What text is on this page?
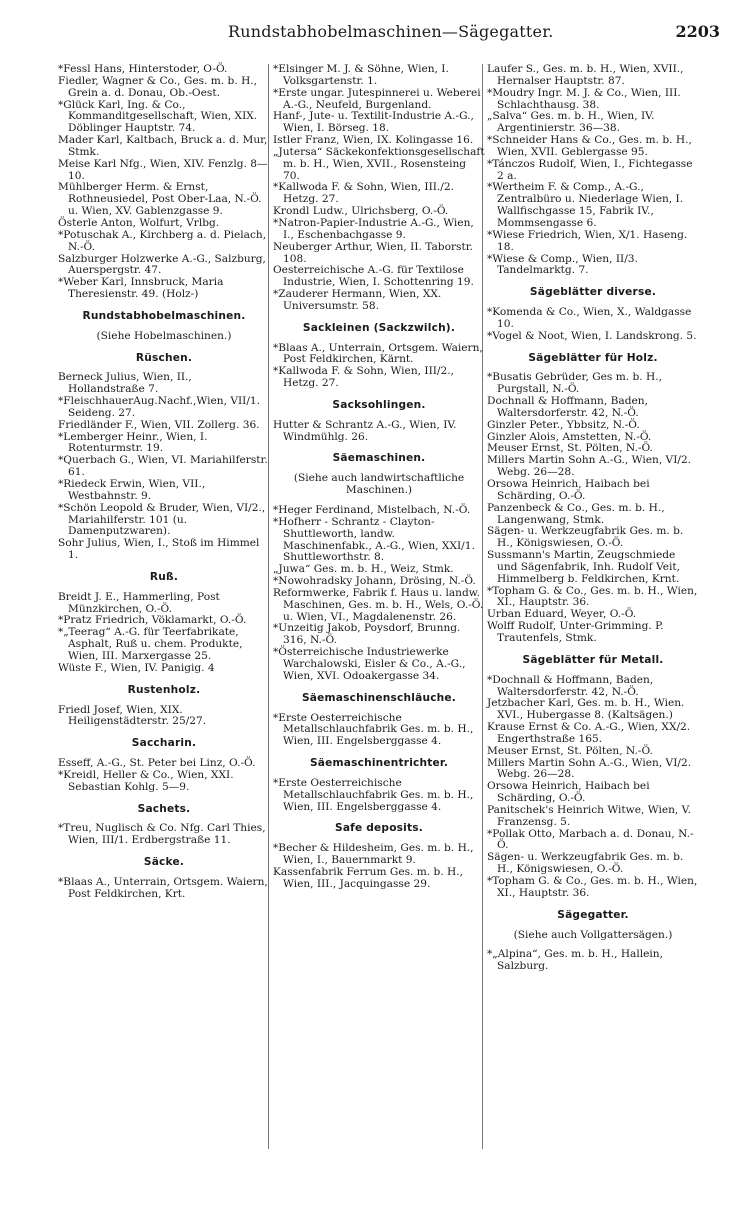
Rundstabhobelmaschinen—Sägegatter.	2203

*Fessl Hans, Hinterstoder, O-Ö.

Fiedler, Wagner & Co., Ges. m. b. H., Grein a. d. Donau, Ob.-Oest.

*Glück Karl, Ing. & Co., Kommanditgesellschaft, Wien, XIX. Döblinger Hauptstr. 74.

Mader Karl, Kaltbach, Bruck a. d. Mur, Stmk.

Meise Karl Nfg., Wien, XIV. Fenzlg. 8—10.

Mühlberger Herm. & Ernst, Rothneusiedel, Post Ober-Laa, N.-Ö. u. Wien, XV. Gablenzgasse 9.

Österle Anton, Wolfurt, Vrlbg.

*Potuschak A., Kirchberg a. d. Pielach, N.-Ö.

Salzburger Holzwerke A.-G., Salzburg, Auerspergstr. 47.

*Weber Karl, Innsbruck, Maria Theresienstr. 49. (Holz-)

Rundstabhobelmaschinen.

(Siehe Hobelmaschinen.)

Rüschen.

Berneck Julius, Wien, II., Hollandstraße 7.

*FleischhauerAug.Nachf.,Wien, VII/1. Seideng. 27.

Friedländer F., Wien, VII. Zollerg. 36.

*Lemberger Heinr., Wien, I. Rotenturmstr. 19.

*Querbach G., Wien, VI. Mariahilferstr. 61.

*Riedeck Erwin, Wien, VII., Westbahnstr. 9.

*Schön Leopold & Bruder, Wien, VI/2., Mariahilferstr. 101 (u. Damenputzwaren).

Sohr Julius, Wien, I., Stoß im Himmel 1.

Ruß.

Breidt J. E., Hammerling, Post Münzkirchen, O.-Ö.

*Pratz Friedrich, Vöklamarkt, O.-Ö.

*„Teerag“ A.-G. für Teerfabrikate, Asphalt, Ruß u. chem. Produkte, Wien, III. Marxergasse 25.

Wüste F., Wien, IV. Panigig. 4

Rustenholz.

Friedl Josef, Wien, XIX. Heiligenstädterstr. 25/27.

Saccharin.

Esseff, A.-G., St. Peter bei Linz, O.-Ö.

*Kreidl, Heller & Co., Wien, XXI. Sebastian Kohlg. 5—9.

Sachets.

*Treu, Nuglisch & Co. Nfg. Carl Thies, Wien, III/1. Erdbergstraße 11.

Säcke.

*Blaas A., Unterrain, Ortsgem. Waiern, Post Feldkirchen, Krt.

*Elsinger M. J. & Söhne, Wien, I. Volksgartenstr. 1.

*Erste ungar. Jutespinnerei u. Weberei A.-G., Neufeld, Burgenland.

Hanf-, Jute- u. Textilit-Industrie A.-G., Wien, I. Börseg. 18.

Istler Franz, Wien, IX. Kolingasse 16.

„Jutersa“ Säckekonfektionsgesellschaft m. b. H., Wien, XVII., Rosensteing 70.

*Kallwoda F. & Sohn, Wien, III./2. Hetzg. 27.

Krondl Ludw., Ulrichsberg, O.-Ö.

*Natron-Papier-Industrie A.-G., Wien, I., Eschenbachgasse 9.

Neuberger Arthur, Wien, II. Taborstr. 108.

Oesterreichische A.-G. für Textilose Industrie, Wien, I. Schottenring 19.

*Zauderer Hermann, Wien, XX. Universumstr. 58.

Sackleinen (Sackzwilch).

*Blaas A., Unterrain, Ortsgem. Waiern, Post Feldkirchen, Kärnt.

*Kallwoda F. & Sohn, Wien, III/2., Hetzg. 27.

Sacksohlingen.

Hutter & Schrantz A.-G., Wien, IV. Windmühlg. 26.

Säemaschinen.

(Siehe auch landwirtschaftliche Maschinen.)

*Heger Ferdinand, Mistelbach, N.-Ö.

*Hofherr - Schrantz - Clayton-Shuttleworth, landw. Maschinenfabk., A.-G., Wien, XXI/1. Shuttleworthstr. 8.

„Juwa“ Ges. m. b. H., Weiz, Stmk.

*Nowohradsky Johann, Drösing, N.-Ö.

Reformwerke, Fabrik f. Haus u. landw. Maschinen, Ges. m. b. H., Wels, O.-Ö. u. Wien, VI., Magdalenenstr. 26.

*Unzeitig Jakob, Poysdorf, Brunng. 316, N.-Ö.

*Österreichische Industriewerke Warchalowski, Eisler & Co., A.-G., Wien, XVI. Odoakergasse 34.

Säemaschinenschläuche.

*Erste Oesterreichische Metallschlauchfabrik Ges. m. b. H., Wien, III. Engelsberggasse 4.

Säemaschinentrichter.

*Erste Oesterreichische Metallschlauchfabrik Ges. m. b. H., Wien, III. Engelsberggasse 4.

Safe deposits.

*Becher & Hildesheim, Ges. m. b. H., Wien, I., Bauernmarkt 9.

Kassenfabrik Ferrum Ges. m. b. H., Wien, III., Jacquingasse 29.

Laufer S., Ges. m. b. H., Wien, XVII., Hernalser Hauptstr. 87.

*Moudry Ingr. M. J. & Co., Wien, III. Schlachthausg. 38.

„Salva“ Ges. m. b. H., Wien, IV. Argentinierstr. 36—38.

*Schneider Hans & Co., Ges. m. b. H., Wien, XVII. Geblergasse 95.

*Tánczos Rudolf, Wien, I., Fichtegasse 2 a.

*Wertheim F. & Comp., A.-G., Zentralbüro u. Niederlage Wien, I. Wallfischgasse 15, Fabrik IV., Mommsengasse 6.

*Wiese Friedrich, Wien, X/1. Haseng. 18.

*Wiese & Comp., Wien, II/3. Tandelmarktg. 7.

Sägeblätter diverse.

*Komenda & Co., Wien, X., Waldgasse 10.

*Vogel & Noot, Wien, I. Landskrong. 5.

Sägeblätter für Holz.

*Busatis Gebrüder, Ges m. b. H., Purgstall, N.-Ö.

Dochnall & Hoffmann, Baden, Waltersdorferstr. 42, N.-Ö.

Ginzler Peter., Ybbsitz, N.-Ö.

Ginzler Alois, Amstetten, N.-Ö.

Meuser Ernst, St. Pölten, N.-Ö.

Millers Martin Sohn A.-G., Wien, VI/2. Webg. 26—28.

Orsowa Heinrich, Haibach bei Schärding, O.-Ö.

Panzenbeck & Co., Ges. m. b. H., Langenwang, Stmk.

Sägen- u. Werkzeugfabrik Ges. m. b. H., Königswiesen, O.-Ö.

Sussmann's Martin, Zeugschmiede und Sägenfabrik, Inh. Rudolf Veit, Himmelberg b. Feldkirchen, Krnt.

*Topham G. & Co., Ges. m. b. H., Wien, XI., Hauptstr. 36.

Urban Eduard, Weyer, O.-Ö.

Wolff Rudolf, Unter-Grimming. P. Trautenfels, Stmk.

Sägeblätter für Metall.

*Dochnall & Hoffmann, Baden, Waltersdorferstr. 42, N.-Ö.

Jetzbacher Karl, Ges. m. b. H., Wien. XVI., Hubergasse 8. (Kaltsägen.)

Krause Ernst & Co. A.-G., Wien, XX/2. Engerthstraße 165.

Meuser Ernst, St. Pölten, N.-Ö.

Millers Martin Sohn A.-G., Wien, VI/2. Webg. 26—28.

Orsowa Heinrich, Haibach bei Schärding, O.-Ö.

Panitschek's Heinrich Witwe, Wien, V. Franzensg. 5.

*Pollak Otto, Marbach a. d. Donau, N.-Ö.

Sägen- u. Werkzeugfabrik Ges. m. b. H., Königswiesen, O.-Ö.

*Topham G. & Co., Ges. m. b. H., Wien, XI., Hauptstr. 36.

Sägegatter.

(Siehe auch Vollgattersägen.)

*„Alpina“, Ges. m. b. H., Hallein, Salzburg.
